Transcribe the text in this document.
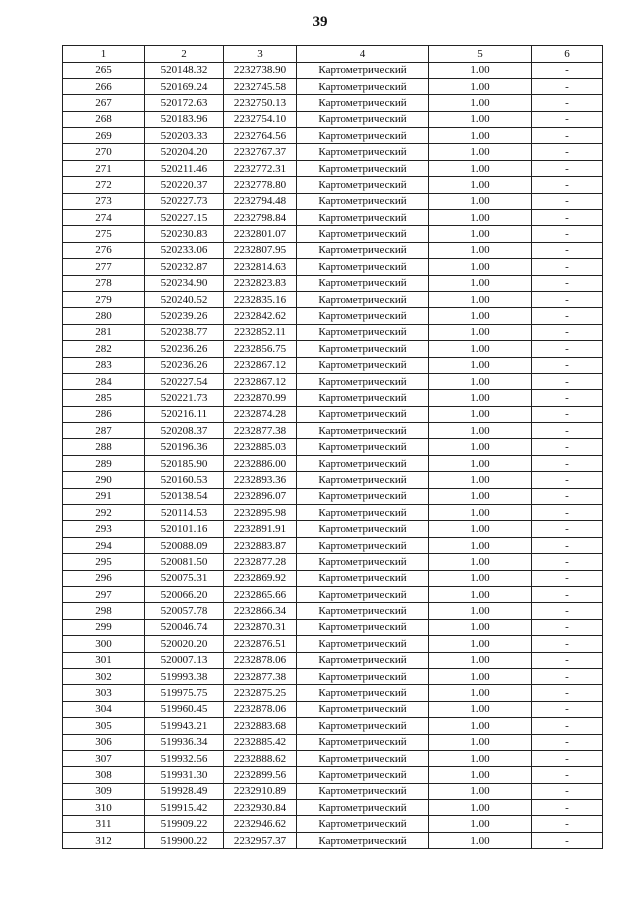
39
1	2	3	4	5	6
265	520148.32	2232738.90	Картометрический	1.00	-
266	520169.24	2232745.58	Картометрический	1.00	-
267	520172.63	2232750.13	Картометрический	1.00	-
268	520183.96	2232754.10	Картометрический	1.00	-
269	520203.33	2232764.56	Картометрический	1.00	-
270	520204.20	2232767.37	Картометрический	1.00	-
271	520211.46	2232772.31	Картометрический	1.00	-
272	520220.37	2232778.80	Картометрический	1.00	-
273	520227.73	2232794.48	Картометрический	1.00	-
274	520227.15	2232798.84	Картометрический	1.00	-
275	520230.83	2232801.07	Картометрический	1.00	-
276	520233.06	2232807.95	Картометрический	1.00	-
277	520232.87	2232814.63	Картометрический	1.00	-
278	520234.90	2232823.83	Картометрический	1.00	-
279	520240.52	2232835.16	Картометрический	1.00	-
280	520239.26	2232842.62	Картометрический	1.00	-
281	520238.77	2232852.11	Картометрический	1.00	-
282	520236.26	2232856.75	Картометрический	1.00	-
283	520236.26	2232867.12	Картометрический	1.00	-
284	520227.54	2232867.12	Картометрический	1.00	-
285	520221.73	2232870.99	Картометрический	1.00	-
286	520216.11	2232874.28	Картометрический	1.00	-
287	520208.37	2232877.38	Картометрический	1.00	-
288	520196.36	2232885.03	Картометрический	1.00	-
289	520185.90	2232886.00	Картометрический	1.00	-
290	520160.53	2232893.36	Картометрический	1.00	-
291	520138.54	2232896.07	Картометрический	1.00	-
292	520114.53	2232895.98	Картометрический	1.00	-
293	520101.16	2232891.91	Картометрический	1.00	-
294	520088.09	2232883.87	Картометрический	1.00	-
295	520081.50	2232877.28	Картометрический	1.00	-
296	520075.31	2232869.92	Картометрический	1.00	-
297	520066.20	2232865.66	Картометрический	1.00	-
298	520057.78	2232866.34	Картометрический	1.00	-
299	520046.74	2232870.31	Картометрический	1.00	-
300	520020.20	2232876.51	Картометрический	1.00	-
301	520007.13	2232878.06	Картометрический	1.00	-
302	519993.38	2232877.38	Картометрический	1.00	-
303	519975.75	2232875.25	Картометрический	1.00	-
304	519960.45	2232878.06	Картометрический	1.00	-
305	519943.21	2232883.68	Картометрический	1.00	-
306	519936.34	2232885.42	Картометрический	1.00	-
307	519932.56	2232888.62	Картометрический	1.00	-
308	519931.30	2232899.56	Картометрический	1.00	-
309	519928.49	2232910.89	Картометрический	1.00	-
310	519915.42	2232930.84	Картометрический	1.00	-
311	519909.22	2232946.62	Картометрический	1.00	-
312	519900.22	2232957.37	Картометрический	1.00	-
